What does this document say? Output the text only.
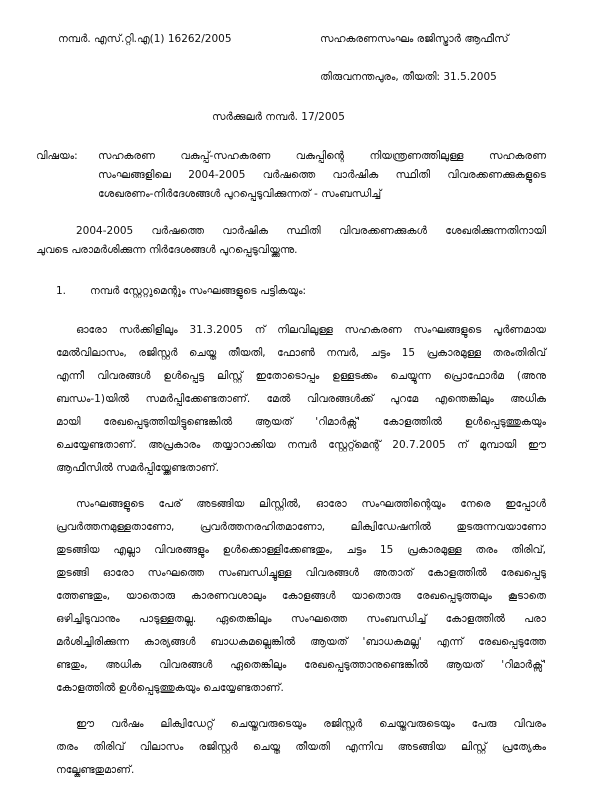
നമ്പർ. എസ്.റ്റി.എ(1) 16262/2005	സഹകരണസംഘം രജിസ്ട്രാർ ആഫീസ്
തിരുവനന്തപുരം, തീയതി: 31.5.2005
സർക്കുലർ നമ്പർ. 17/2005
വിഷയം: സഹകരണ വകുപ്പ്-സഹകരണ വകുപ്പിന്റെ നിയന്ത്രണത്തിലുള്ള സഹകരണ
സംഘങ്ങളിലെ 2004-2005 വർഷത്തെ വാർഷിക സ്ഥിതി വിവരക്കണക്കുകളുടെ
ശേഖരണം-നിർദേശങ്ങൾ പുറപ്പെടുവിക്കുന്നത് - സംബന്ധിച്ച്
2004-2005 വർഷത്തെ വാർഷിക സ്ഥിതി വിവരക്കണക്കുകൾ ശേഖരിക്കുന്നതിനായി
ചുവടെ പരാമർശിക്കുന്ന നിർദേശങ്ങൾ പുറപ്പെടുവിയ്ക്കുന്നു.
1. നമ്പർ സ്റ്റേറ്റുമെന്റും സംഘങ്ങളുടെ പട്ടികയും:
ഓരോ സർക്കിളിലും 31.3.2005 ന് നിലവിലുള്ള സഹകരണ സംഘങ്ങളുടെ പൂർണമായ
മേൽവിലാസം, രജിസ്റ്റർ ചെയ്ത തീയതി, ഫോൺ നമ്പർ, ചട്ടം 15 പ്രകാരമുള്ള തരംതിരിവ്
എന്നീ വിവരങ്ങൾ ഉൾപ്പെട്ട ലിസ്റ്റ് ഇതോടൊപ്പം ഉള്ളടക്കം ചെയ്യുന്ന പ്രൊഫോർമ (അനു
ബന്ധം-1)യിൽ സമർപ്പിക്കേണ്ടതാണ്. മേൽ വിവരങ്ങൾക്ക് പുറമേ എന്തെങ്കിലും അധിക
മായി രേഖപ്പെടുത്തിയിട്ടുണ്ടെങ്കിൽ ആയത് 'റിമാർക്സ്' കോളത്തിൽ ഉൾപ്പെടുത്തുകയും
ചെയ്യേണ്ടതാണ്. അപ്രകാരം തയ്യാറാക്കിയ നമ്പർ സ്റ്റേറ്റ്മെന്റ് 20.7.2005 ന് മുമ്പായി ഈ
ആഫീസിൽ സമർപ്പിയ്ക്കേണ്ടതാണ്.
സംഘങ്ങളുടെ പേര് അടങ്ങിയ ലിസ്റ്റിൽ, ഓരോ സംഘത്തിന്റെയും നേരെ ഇപ്പോൾ
പ്രവർത്തനമുള്ളതാണോ, പ്രവർത്തനരഹിതമാണോ, ലിക്വിഡേഷനിൽ തുടരുന്നവയാണോ
തുടങ്ങിയ എല്ലാ വിവരങ്ങളും ഉൾക്കൊള്ളിക്കേണ്ടതും, ചട്ടം 15 പ്രകാരമുള്ള തരം തിരിവ്,
തുടങ്ങി ഓരോ സംഘത്തെ സംബന്ധിച്ചുള്ള വിവരങ്ങൾ അതാത് കോളത്തിൽ രേഖപ്പെടു
ത്തേണ്ടതും, യാതൊരു കാരണവശാലും കോളങ്ങൾ യാതൊരു രേഖപ്പെടുത്തലും കൂടാതെ
ഒഴിച്ചിടുവാനും പാടുള്ളതല്ല. ഏതെങ്കിലും സംഘത്തെ സംബന്ധിച്ച് കോളത്തിൽ പരാ
മർശിച്ചിരിക്കുന്ന കാര്യങ്ങൾ ബാധകമല്ലെങ്കിൽ ആയത് 'ബാധകമല്ല' എന്ന് രേഖപ്പെടുത്തേ
ണ്ടതും, അധിക വിവരങ്ങൾ ഏതെങ്കിലും രേഖപ്പെടുത്താനുണ്ടെങ്കിൽ ആയത് 'റിമാർക്സ്'
കോളത്തിൽ ഉൾപ്പെടുത്തുകയും ചെയ്യേണ്ടതാണ്.
ഈ വർഷം ലിക്വിഡേറ്റ് ചെയ്തവരുടെയും രജിസ്റ്റർ ചെയ്തവരുടെയും പേരു വിവരം
തരം തിരിവ് വിലാസം രജിസ്റ്റർ ചെയ്ത തീയതി എന്നിവ അടങ്ങിയ ലിസ്റ്റ് പ്രത്യേകം
നല്കേണ്ടതുമാണ്.
